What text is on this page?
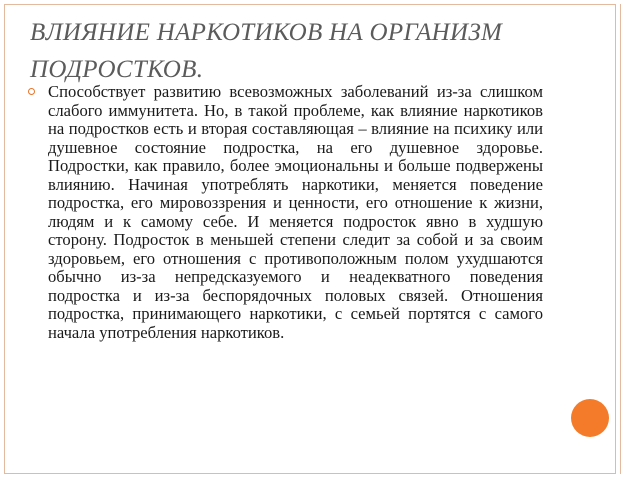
ВЛИЯНИЕ НАРКОТИКОВ НА ОРГАНИЗМ
ПОДРОСТКОВ.

Способствует развитию всевозможных заболеваний из-за слишком слабого иммунитета. Но, в такой проблеме, как влияние наркотиков на подростков есть и вторая составляющая – влияние на психику или душевное состояние подростка, на его душевное здоровье. Подростки, как правило, более эмоциональны и больше подвержены влиянию. Начиная употреблять наркотики, меняется поведение подростка, его мировоззрения и ценности, его отношение к жизни, людям и к самому себе. И меняется подросток явно в худшую сторону. Подросток в меньшей степени следит за собой и за своим здоровьем, его отношения с противоположным полом ухудшаются обычно из-за непредсказуемого и неадекватного поведения подростка и из-за беспорядочных половых связей. Отношения подростка, принимающего наркотики, с семьей портятся с самого начала употребления наркотиков.
